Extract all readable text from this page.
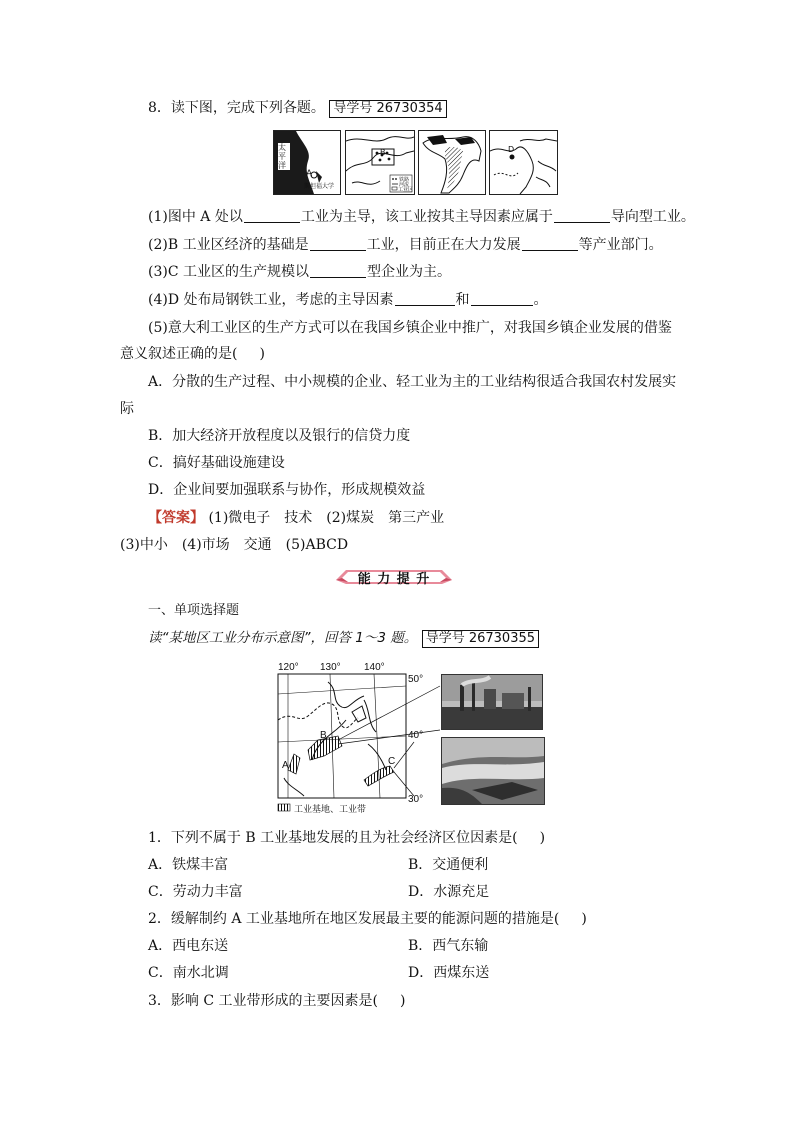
8．读下图，完成下列各题。 导学号 26730354
太平洋
A
斯坦福大学
B
铁路
河流
工业区
D
(1)图中 A 处以	工业为主导，该工业按其主导因素应属于	导向型工业。
(2)B 工业区经济的基础是	工业，目前正在大力发展	等产业部门。
(3)C 工业区的生产规模以	型企业为主。
(4)D 处布局钢铁工业，考虑的主导因素	和	。
(5)意大利工业区的生产方式可以在我国乡镇企业中推广，对我国乡镇企业发展的借鉴
意义叙述正确的是( )
A．分散的生产过程、中小规模的企业、轻工业为主的工业结构很适合我国农村发展实
际
B．加大经济开放程度以及银行的信贷力度
C．搞好基础设施建设
D．企业间要加强联系与协作，形成规模效益
【答案】 (1)微电子　技术　(2)煤炭　第三产业
(3)中小　(4)市场　交通　(5)ABCD
能 力 提 升
一、单项选择题
读“某地区工业分布示意图”，回答 1～3 题。 导学号 26730355
120° 130° 140°
50°
40°
30°
A
B
C
工业基地、工业带
1．下列不属于 B 工业基地发展的且为社会经济区位因素是( )
A．铁煤丰富	B．交通便利
C．劳动力丰富	D．水源充足
2．缓解制约 A 工业基地所在地区发展最主要的能源问题的措施是( )
A．西电东送	B．西气东输
C．南水北调	D．西煤东送
3．影响 C 工业带形成的主要因素是( )
